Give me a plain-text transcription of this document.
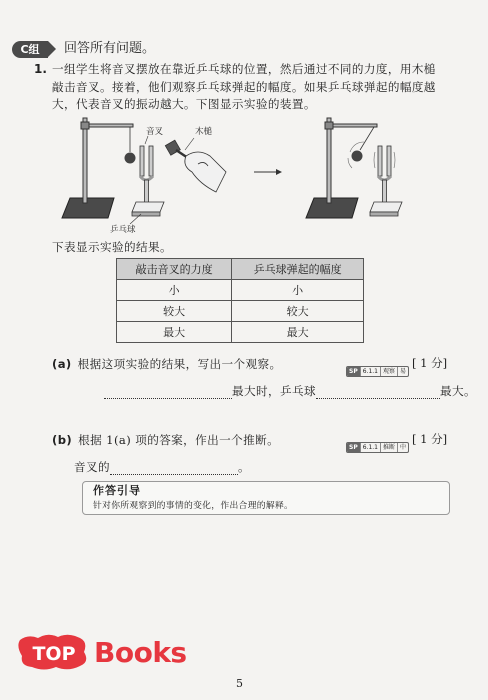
C组	回答所有问题。
1. 一组学生将音叉摆放在靠近乒乓球的位置，然后通过不同的力度，用木槌
敲击音叉。接着，他们观察乒乓球弹起的幅度。如果乒乓球弹起的幅度越
大，代表音叉的振动越大。下图显示实验的装置。
音叉
乒乓球
木槌
下表显示实验的结果。
敲击音叉的力度	乒乓球弹起的幅度
小	小
较大	较大
最大	最大
(a) 根据这项实验的结果，写出一个观察。
SP 6.1.1 观察 易
[ 1 分]
最大时，乒乓球	最大。
(b) 根据 1(a) 项的答案，作出一个推断。
SP 6.1.1 推断 中
[ 1 分]
音叉的	。
作答引导
针对你所观察到的事情的变化，作出合理的解释。
TOP Books
5
